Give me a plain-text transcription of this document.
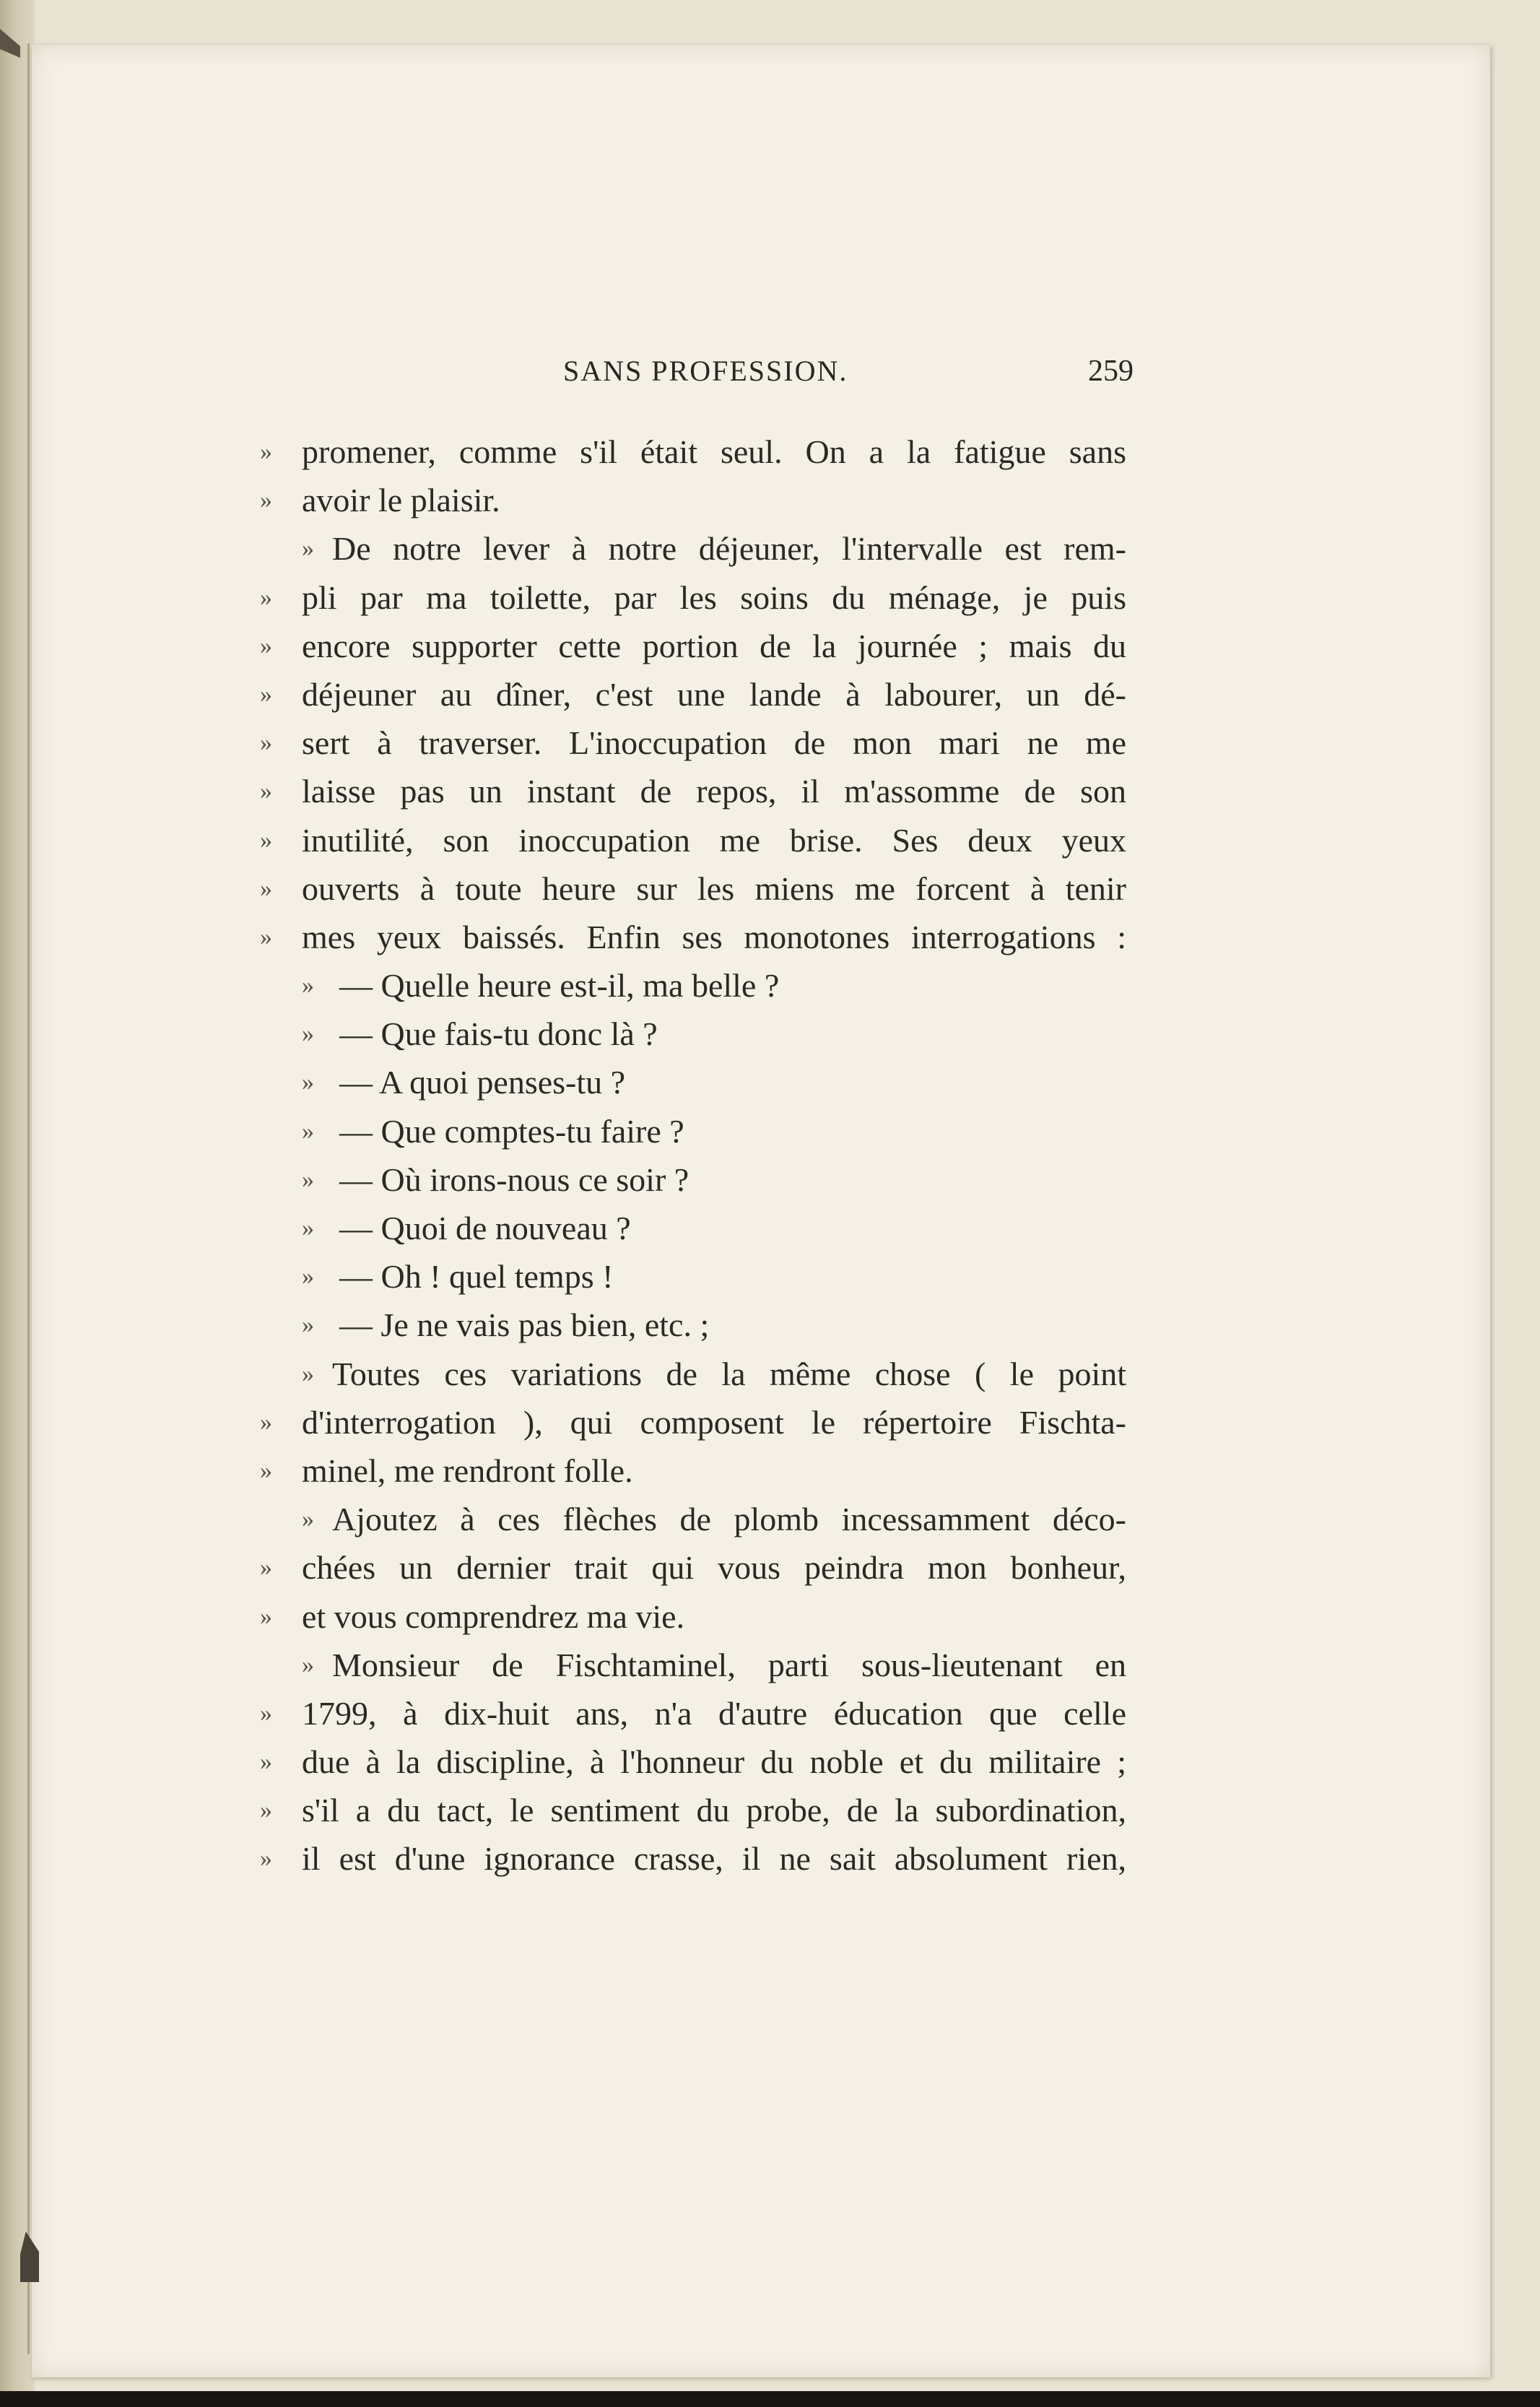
SANS PROFESSION.	259
» promener, comme s'il était seul. On a la fatigue sans
» avoir le plaisir.
» De notre lever à notre déjeuner, l'intervalle est rem-
» pli par ma toilette, par les soins du ménage, je puis
» encore supporter cette portion de la journée ; mais du
» déjeuner au dîner, c'est une lande à labourer, un dé-
» sert à traverser. L'inoccupation de mon mari ne me
» laisse pas un instant de repos, il m'assomme de son
» inutilité, son inoccupation me brise. Ses deux yeux
» ouverts à toute heure sur les miens me forcent à tenir
» mes yeux baissés. Enfin ses monotones interrogations :
» — Quelle heure est-il, ma belle ?
» — Que fais-tu donc là ?
» — A quoi penses-tu ?
» — Que comptes-tu faire ?
» — Où irons-nous ce soir ?
» — Quoi de nouveau ?
» — Oh ! quel temps !
» — Je ne vais pas bien, etc. ;
» Toutes ces variations de la même chose ( le point
» d'interrogation ), qui composent le répertoire Fischta-
» minel, me rendront folle.
» Ajoutez à ces flèches de plomb incessamment déco-
» chées un dernier trait qui vous peindra mon bonheur,
» et vous comprendrez ma vie.
» Monsieur de Fischtaminel, parti sous-lieutenant en
» 1799, à dix-huit ans, n'a d'autre éducation que celle
» due à la discipline, à l'honneur du noble et du militaire ;
» s'il a du tact, le sentiment du probe, de la subordination,
» il est d'une ignorance crasse, il ne sait absolument rien,
